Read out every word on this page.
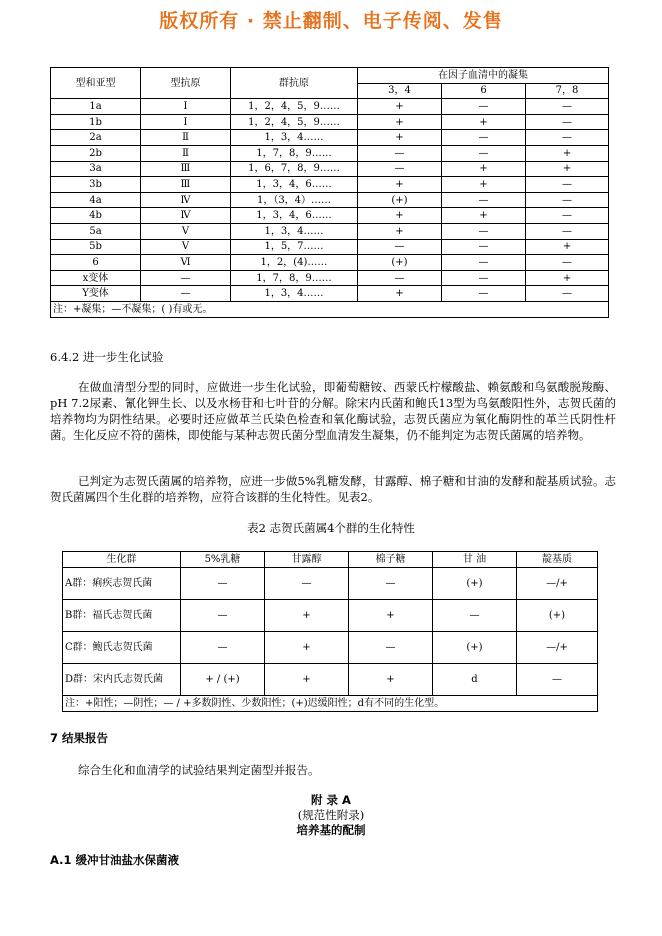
版权所有 · 禁止翻制、电子传阅、发售
型和亚型	型抗原	群抗原	在因子血清中的凝集		
			3，4	6	7，8
1a	Ⅰ	1，2，4，5，9……	+	—	—
1b	Ⅰ	1，2，4，5，9……	+	+	—
2a	Ⅱ	1，3，4……	+	—	—
2b	Ⅱ	1，7，8，9……	—	—	+
3a	Ⅲ	1，6，7，8，9……	—	+	+
3b	Ⅲ	1，3，4，6……	+	+	—
4a	Ⅳ	1，（3，4）……	(+)	—	—
4b	Ⅳ	1，3，4，6……	+	+	—
5a	Ⅴ	1，3，4……	+	—	—
5b	Ⅴ	1，5，7……	—	—	+
6	Ⅵ	1，2，(4)……	(+)	—	—
x变体	—	1，7，8，9……	—	—	+
Y变体	—	1，3，4……	+	—	—
注：+凝集；—不凝集；( )有或无。					
6.4.2 进一步生化试验
在做血清型分型的同时，应做进一步生化试验，即葡萄糖铵、西蒙氏柠檬酸盐、赖氨酸和鸟氨酸脱羧酶、pH 7.2尿素、氰化钾生长、以及水杨苷和七叶苷的分解。除宋内氏菌和鲍氏13型为鸟氨酸阳性外，志贺氏菌的培养物均为阴性结果。必要时还应做革兰氏染色检查和氧化酶试验，志贺氏菌应为氧化酶阴性的革兰氏阴性杆菌。生化反应不符的菌株，即使能与某种志贺氏菌分型血清发生凝集，仍不能判定为志贺氏菌属的培养物。
已判定为志贺氏菌属的培养物，应进一步做5%乳糖发酵，甘露醇、棉子糖和甘油的发酵和靛基质试验。志贺氏菌属四个生化群的培养物，应符合该群的生化特性。见表2。
表2 志贺氏菌属4个群的生化特性
生化群	5%乳糖	甘露醇	棉子糖	甘 油	靛基质
A群：痢疾志贺氏菌	—	—	—	(+)	—/+
B群：福氏志贺氏菌	—	+	+	—	(+)
C群：鲍氏志贺氏菌	—	+	—	(+)	—/+
D群：宋内氏志贺氏菌	+ / (+)	+	+	d	—
注：+阳性；—阴性；— / +多数阴性、少数阳性；(+)迟缓阳性；d有不同的生化型。					
7 结果报告
综合生化和血清学的试验结果判定菌型并报告。
附 录 A
(规范性附录)
培养基的配制
A.1 缓冲甘油盐水保菌液
